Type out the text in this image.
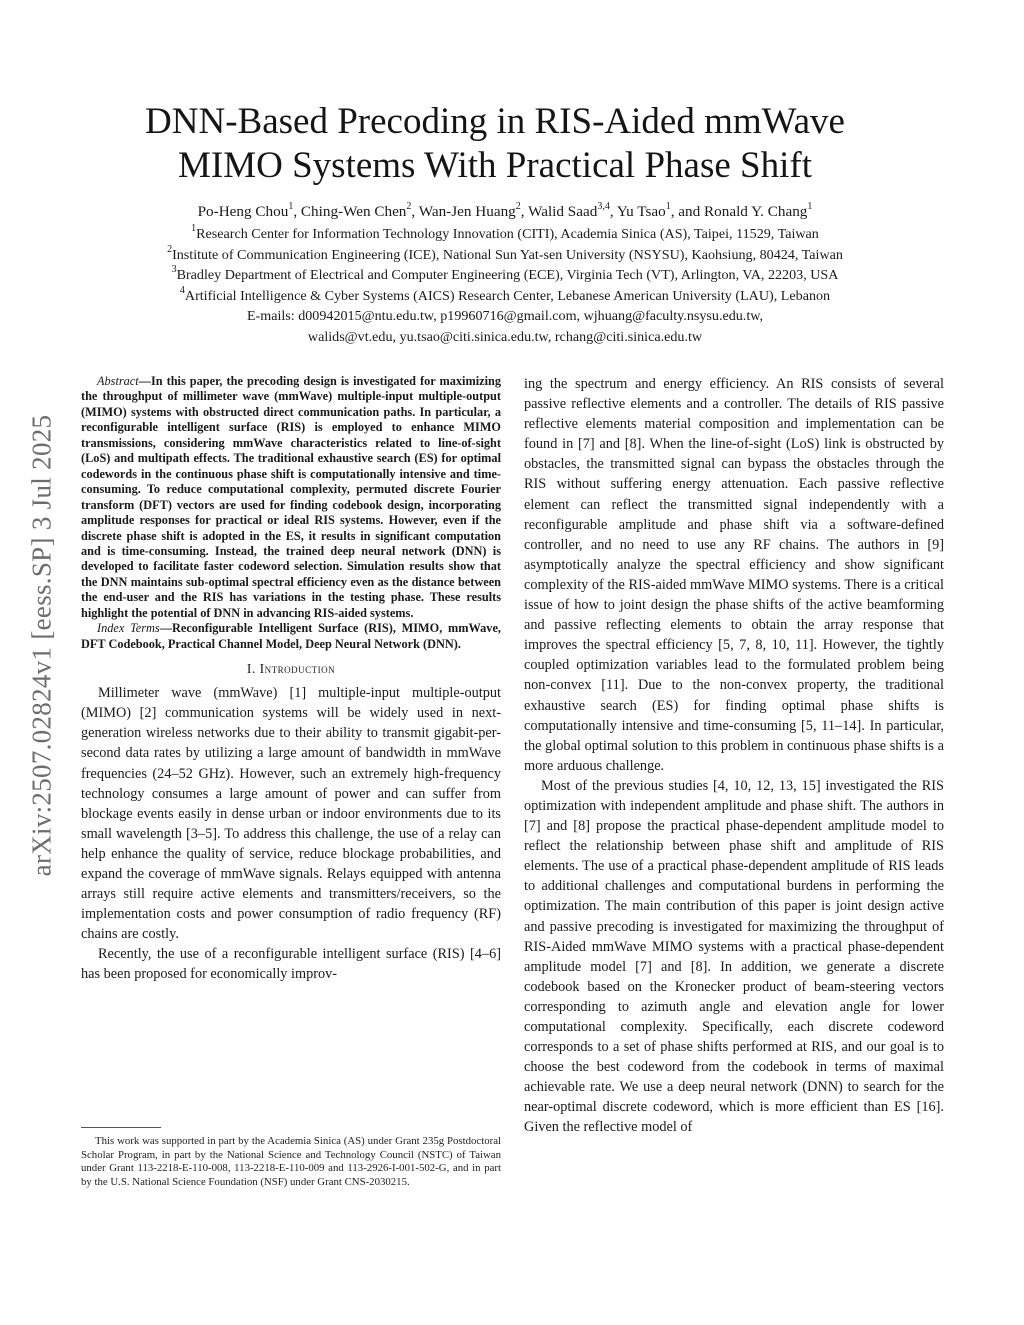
arXiv:2507.02824v1 [eess.SP] 3 Jul 2025
DNN-Based Precoding in RIS-Aided mmWave
MIMO Systems With Practical Phase Shift
Po-Heng Chou$^1$, Ching-Wen Chen$^2$, Wan-Jen Huang$^2$, Walid Saad$^{3,4}$, Yu Tsao$^1$, and Ronald Y. Chang$^1$
$^1$Research Center for Information Technology Innovation (CITI), Academia Sinica (AS), Taipei, 11529, Taiwan
$^2$Institute of Communication Engineering (ICE), National Sun Yat-sen University (NSYSU), Kaohsiung, 80424, Taiwan
$^3$Bradley Department of Electrical and Computer Engineering (ECE), Virginia Tech (VT), Arlington, VA, 22203, USA
$^4$Artificial Intelligence & Cyber Systems (AICS) Research Center, Lebanese American University (LAU), Lebanon
E-mails: d00942015@ntu.edu.tw, p19960716@gmail.com, wjhuang@faculty.nsysu.edu.tw,
walids@vt.edu, yu.tsao@citi.sinica.edu.tw, rchang@citi.sinica.edu.tw

Abstract—In this paper, the precoding design is investigated for maximizing the throughput of millimeter wave (mmWave) multiple-input multiple-output (MIMO) systems with obstructed direct communication paths. In particular, a reconfigurable intelligent surface (RIS) is employed to enhance MIMO transmissions, considering mmWave characteristics related to line-of-sight (LoS) and multipath effects. The traditional exhaustive search (ES) for optimal codewords in the continuous phase shift is computationally intensive and time-consuming. To reduce computational complexity, permuted discrete Fourier transform (DFT) vectors are used for finding codebook design, incorporating amplitude responses for practical or ideal RIS systems. However, even if the discrete phase shift is adopted in the ES, it results in significant computation and is time-consuming. Instead, the trained deep neural network (DNN) is developed to facilitate faster codeword selection. Simulation results show that the DNN maintains sub-optimal spectral efficiency even as the distance between the end-user and the RIS has variations in the testing phase. These results highlight the potential of DNN in advancing RIS-aided systems.

Index Terms—Reconfigurable Intelligent Surface (RIS), MIMO, mmWave, DFT Codebook, Practical Channel Model, Deep Neural Network (DNN).

I. Introduction

Millimeter wave (mmWave) [1] multiple-input multiple-output (MIMO) [2] communication systems will be widely used in next-generation wireless networks due to their ability to transmit gigabit-per-second data rates by utilizing a large amount of bandwidth in mmWave frequencies (24–52 GHz). However, such an extremely high-frequency technology consumes a large amount of power and can suffer from blockage events easily in dense urban or indoor environments due to its small wavelength [3–5]. To address this challenge, the use of a relay can help enhance the quality of service, reduce blockage probabilities, and expand the coverage of mmWave signals. Relays equipped with antenna arrays still require active elements and transmitters/receivers, so the implementation costs and power consumption of radio frequency (RF) chains are costly.

Recently, the use of a reconfigurable intelligent surface (RIS) [4–6] has been proposed for economically improv-

This work was supported in part by the Academia Sinica (AS) under Grant 235g Postdoctoral Scholar Program, in part by the National Science and Technology Council (NSTC) of Taiwan under Grant 113-2218-E-110-008, 113-2218-E-110-009 and 113-2926-I-001-502-G, and in part by the U.S. National Science Foundation (NSF) under Grant CNS-2030215.

ing the spectrum and energy efficiency. An RIS consists of several passive reflective elements and a controller. The details of RIS passive reflective elements material composition and implementation can be found in [7] and [8]. When the line-of-sight (LoS) link is obstructed by obstacles, the transmitted signal can bypass the obstacles through the RIS without suffering energy attenuation. Each passive reflective element can reflect the transmitted signal independently with a reconfigurable amplitude and phase shift via a software-defined controller, and no need to use any RF chains. The authors in [9] asymptotically analyze the spectral efficiency and show significant complexity of the RIS-aided mmWave MIMO systems. There is a critical issue of how to joint design the phase shifts of the active beamforming and passive reflecting elements to obtain the array response that improves the spectral efficiency [5, 7, 8, 10, 11]. However, the tightly coupled optimization variables lead to the formulated problem being non-convex [11]. Due to the non-convex property, the traditional exhaustive search (ES) for finding optimal phase shifts is computationally intensive and time-consuming [5, 11–14]. In particular, the global optimal solution to this problem in continuous phase shifts is a more arduous challenge.

Most of the previous studies [4, 10, 12, 13, 15] investigated the RIS optimization with independent amplitude and phase shift. The authors in [7] and [8] propose the practical phase-dependent amplitude model to reflect the relationship between phase shift and amplitude of RIS elements. The use of a practical phase-dependent amplitude of RIS leads to additional challenges and computational burdens in performing the optimization. The main contribution of this paper is joint design active and passive precoding is investigated for maximizing the throughput of RIS-Aided mmWave MIMO systems with a practical phase-dependent amplitude model [7] and [8]. In addition, we generate a discrete codebook based on the Kronecker product of beam-steering vectors corresponding to azimuth angle and elevation angle for lower computational complexity. Specifically, each discrete codeword corresponds to a set of phase shifts performed at RIS, and our goal is to choose the best codeword from the codebook in terms of maximal achievable rate. We use a deep neural network (DNN) to search for the near-optimal discrete codeword, which is more efficient than ES [16]. Given the reflective model of
